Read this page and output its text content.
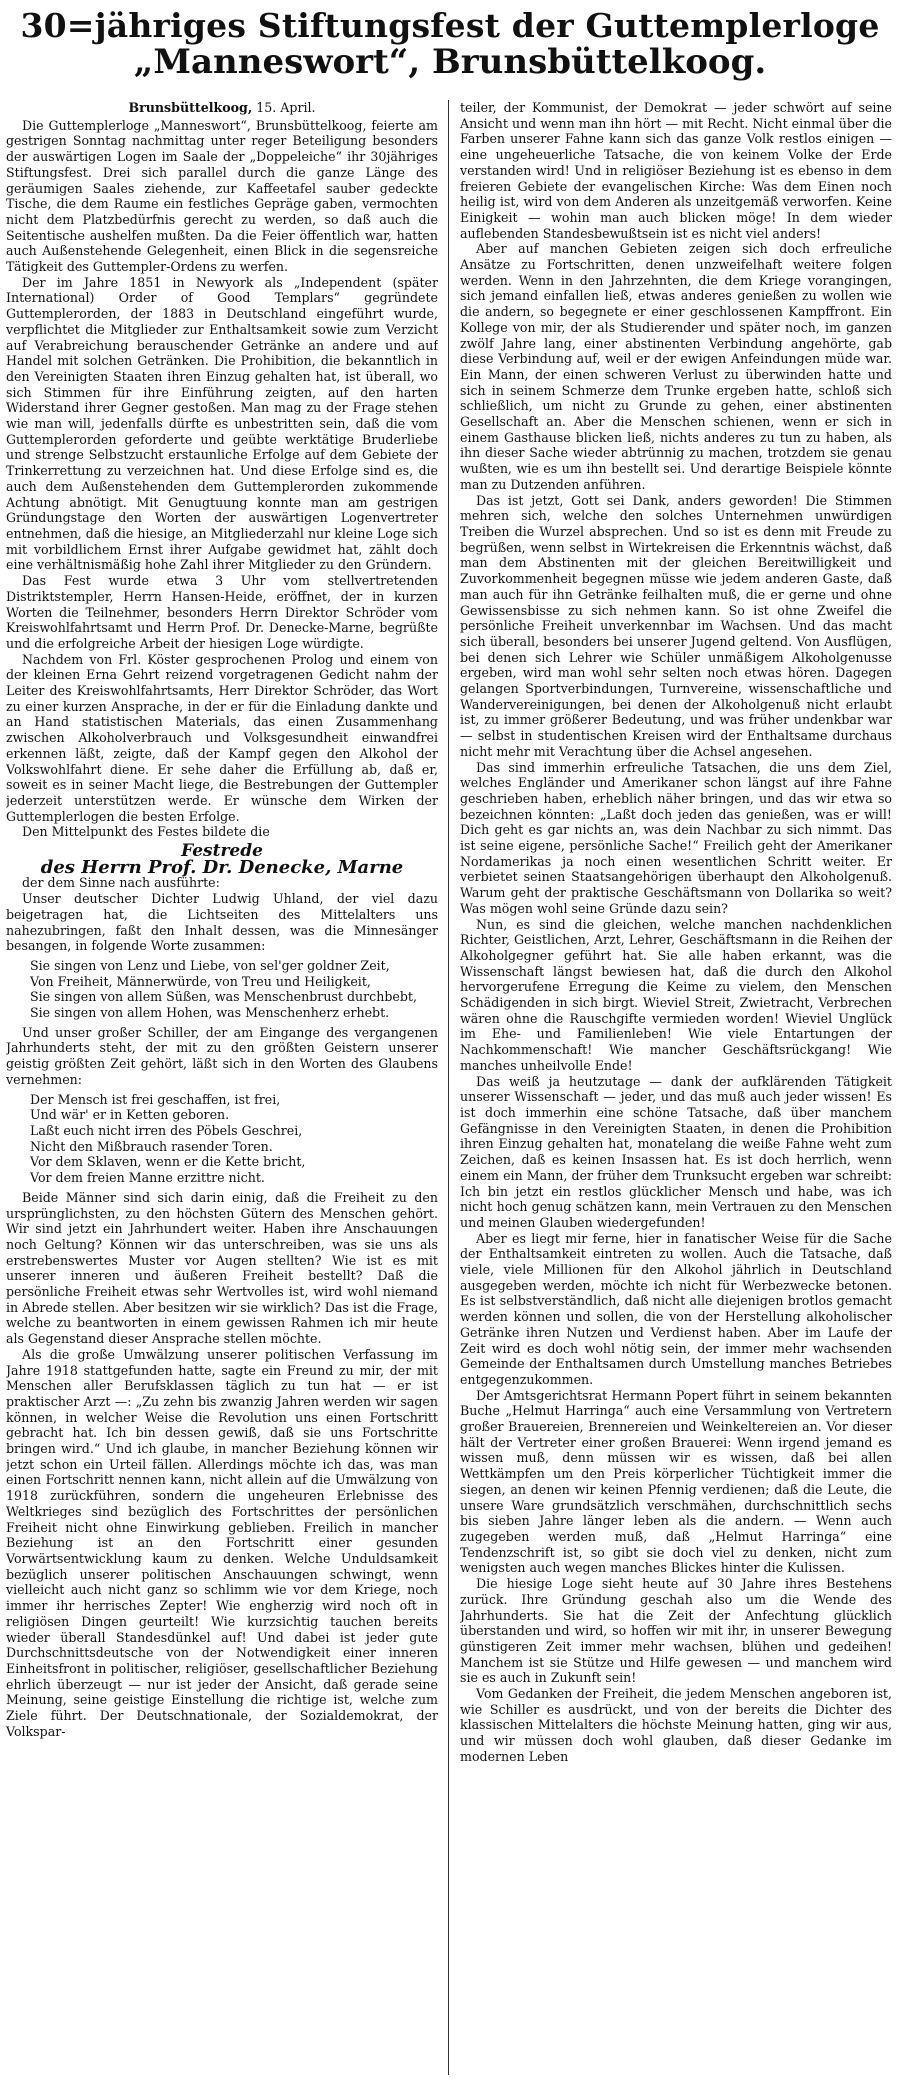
30=jähriges Stiftungsfest der Guttemplerloge
„Manneswort“, Brunsbüttelkoog.
Brunsbüttelkoog, 15. April.

Die Guttemplerloge „Manneswort“, Brunsbüttelkoog, feierte am gestrigen Sonntag nachmittag unter reger Beteiligung besonders der auswärtigen Logen im Saale der „Doppeleiche“ ihr 30jähriges Stiftungsfest. Drei sich parallel durch die ganze Länge des geräumigen Saales ziehende, zur Kaffeetafel sauber gedeckte Tische, die dem Raume ein festliches Gepräge gaben, vermochten nicht dem Platzbedürfnis gerecht zu werden, so daß auch die Seitentische aushelfen mußten. Da die Feier öffentlich war, hatten auch Außenstehende Gelegenheit, einen Blick in die segensreiche Tätigkeit des Guttempler-Ordens zu werfen.

Der im Jahre 1851 in Newyork als „Independent (später International) Order of Good Templars“ gegründete Guttemplerorden, der 1883 in Deutschland eingeführt wurde, verpflichtet die Mitglieder zur Enthaltsamkeit sowie zum Verzicht auf Verabreichung berauschender Getränke an andere und auf Handel mit solchen Getränken. Die Prohibition, die bekanntlich in den Vereinigten Staaten ihren Einzug gehalten hat, ist überall, wo sich Stimmen für ihre Einführung zeigten, auf den harten Widerstand ihrer Gegner gestoßen. Man mag zu der Frage stehen wie man will, jedenfalls dürfte es unbestritten sein, daß die vom Guttemplerorden geforderte und geübte werktätige Bruderliebe und strenge Selbstzucht erstaunliche Erfolge auf dem Gebiete der Trinkerrettung zu verzeichnen hat. Und diese Erfolge sind es, die auch dem Außenstehenden dem Guttemplerorden zukommende Achtung abnötigt. Mit Genugtuung konnte man am gestrigen Gründungstage den Worten der auswärtigen Logenvertreter entnehmen, daß die hiesige, an Mitgliederzahl nur kleine Loge sich mit vorbildlichem Ernst ihrer Aufgabe gewidmet hat, zählt doch eine verhältnismäßig hohe Zahl ihrer Mitglieder zu den Gründern.

Das Fest wurde etwa 3 Uhr vom stellvertretenden Distriktstempler, Herrn Hansen-Heide, eröffnet, der in kurzen Worten die Teilnehmer, besonders Herrn Direktor Schröder vom Kreiswohlfahrtsamt und Herrn Prof. Dr. Denecke-Marne, begrüßte und die erfolgreiche Arbeit der hiesigen Loge würdigte.

Nachdem von Frl. Köster gesprochenen Prolog und einem von der kleinen Erna Gehrt reizend vorgetragenen Gedicht nahm der Leiter des Kreiswohlfahrtsamts, Herr Direktor Schröder, das Wort zu einer kurzen Ansprache, in der er für die Einladung dankte und an Hand statistischen Materials, das einen Zusammenhang zwischen Alkoholverbrauch und Volksgesundheit einwandfrei erkennen läßt, zeigte, daß der Kampf gegen den Alkohol der Volkswohlfahrt diene. Er sehe daher die Erfüllung ab, daß er, soweit es in seiner Macht liege, die Bestrebungen der Guttempler jederzeit unterstützen werde. Er wünsche dem Wirken der Guttemplerlogen die besten Erfolge.

Den Mittelpunkt des Festes bildete die

Festrede
des Herrn Prof. Dr. Denecke, Marne

der dem Sinne nach ausführte:

Unser deutscher Dichter Ludwig Uhland, der viel dazu beigetragen hat, die Lichtseiten des Mittelalters uns nahezubringen, faßt den Inhalt dessen, was die Minnesänger besangen, in folgende Worte zusammen:

Sie singen von Lenz und Liebe, von sel'ger goldner Zeit,
Von Freiheit, Männerwürde, von Treu und Heiligkeit,
Sie singen von allem Süßen, was Menschenbrust durchbebt,
Sie singen von allem Hohen, was Menschenherz erhebt.

Und unser großer Schiller, der am Eingange des vergangenen Jahrhunderts steht, der mit zu den größten Geistern unserer geistig größten Zeit gehört, läßt sich in den Worten des Glaubens vernehmen:

Der Mensch ist frei geschaffen, ist frei,
Und wär' er in Ketten geboren.
Laßt euch nicht irren des Pöbels Geschrei,
Nicht den Mißbrauch rasender Toren.
Vor dem Sklaven, wenn er die Kette bricht,
Vor dem freien Manne erzittre nicht.

Beide Männer sind sich darin einig, daß die Freiheit zu den ursprünglichsten, zu den höchsten Gütern des Menschen gehört. Wir sind jetzt ein Jahrhundert weiter. Haben ihre Anschauungen noch Geltung? Können wir das unterschreiben, was sie uns als erstrebenswertes Muster vor Augen stellten? Wie ist es mit unserer inneren und äußeren Freiheit bestellt? Daß die persönliche Freiheit etwas sehr Wertvolles ist, wird wohl niemand in Abrede stellen. Aber besitzen wir sie wirklich? Das ist die Frage, welche zu beantworten in einem gewissen Rahmen ich mir heute als Gegenstand dieser Ansprache stellen möchte.

Als die große Umwälzung unserer politischen Verfassung im Jahre 1918 stattgefunden hatte, sagte ein Freund zu mir, der mit Menschen aller Berufsklassen täglich zu tun hat — er ist praktischer Arzt —: „Zu zehn bis zwanzig Jahren werden wir sagen können, in welcher Weise die Revolution uns einen Fortschritt gebracht hat. Ich bin dessen gewiß, daß sie uns Fortschritte bringen wird.“ Und ich glaube, in mancher Beziehung können wir jetzt schon ein Urteil fällen. Allerdings möchte ich das, was man einen Fortschritt nennen kann, nicht allein auf die Umwälzung von 1918 zurückführen, sondern die ungeheuren Erlebnisse des Weltkrieges sind bezüglich des Fortschrittes der persönlichen Freiheit nicht ohne Einwirkung geblieben. Freilich in mancher Beziehung ist an den Fortschritt einer gesunden Vorwärtsentwicklung kaum zu denken. Welche Unduldsamkeit bezüglich unserer politischen Anschauungen schwingt, wenn vielleicht auch nicht ganz so schlimm wie vor dem Kriege, noch immer ihr herrisches Zepter! Wie engherzig wird noch oft in religiösen Dingen geurteilt! Wie kurzsichtig tauchen bereits wieder überall Standesdünkel auf! Und dabei ist jeder gute Durchschnittsdeutsche von der Notwendigkeit einer inneren Einheitsfront in politischer, religiöser, gesellschaftlicher Beziehung ehrlich überzeugt — nur ist jeder der Ansicht, daß gerade seine Meinung, seine geistige Einstellung die richtige ist, welche zum Ziele führt. Der Deutschnationale, der Sozialdemokrat, der Volkspar-

teiler, der Kommunist, der Demokrat — jeder schwört auf seine Ansicht und wenn man ihn hört — mit Recht. Nicht einmal über die Farben unserer Fahne kann sich das ganze Volk restlos einigen — eine ungeheuerliche Tatsache, die von keinem Volke der Erde verstanden wird! Und in religiöser Beziehung ist es ebenso in dem freieren Gebiete der evangelischen Kirche: Was dem Einen noch heilig ist, wird von dem Anderen als unzeitgemäß verworfen. Keine Einigkeit — wohin man auch blicken möge! In dem wieder auflebenden Standesbewußtsein ist es nicht viel anders!

Aber auf manchen Gebieten zeigen sich doch erfreuliche Ansätze zu Fortschritten, denen unzweifelhaft weitere folgen werden. Wenn in den Jahrzehnten, die dem Kriege vorangingen, sich jemand einfallen ließ, etwas anderes genießen zu wollen wie die andern, so begegnete er einer geschlossenen Kampffront. Ein Kollege von mir, der als Studierender und später noch, im ganzen zwölf Jahre lang, einer abstinenten Verbindung angehörte, gab diese Verbindung auf, weil er der ewigen Anfeindungen müde war. Ein Mann, der einen schweren Verlust zu überwinden hatte und sich in seinem Schmerze dem Trunke ergeben hatte, schloß sich schließlich, um nicht zu Grunde zu gehen, einer abstinenten Gesellschaft an. Aber die Menschen schienen, wenn er sich in einem Gasthause blicken ließ, nichts anderes zu tun zu haben, als ihn dieser Sache wieder abtrünnig zu machen, trotzdem sie genau wußten, wie es um ihn bestellt sei. Und derartige Beispiele könnte man zu Dutzenden anführen.

Das ist jetzt, Gott sei Dank, anders geworden! Die Stimmen mehren sich, welche den solches Unternehmen unwürdigen Treiben die Wurzel absprechen. Und so ist es denn mit Freude zu begrüßen, wenn selbst in Wirtekreisen die Erkenntnis wächst, daß man dem Abstinenten mit der gleichen Bereitwilligkeit und Zuvorkommenheit begegnen müsse wie jedem anderen Gaste, daß man auch für ihn Getränke feilhalten muß, die er gerne und ohne Gewissensbisse zu sich nehmen kann. So ist ohne Zweifel die persönliche Freiheit unverkennbar im Wachsen. Und das macht sich überall, besonders bei unserer Jugend geltend. Von Ausflügen, bei denen sich Lehrer wie Schüler unmäßigem Alkoholgenusse ergeben, wird man wohl sehr selten noch etwas hören. Dagegen gelangen Sportverbindungen, Turnvereine, wissenschaftliche und Wandervereinigungen, bei denen der Alkoholgenuß nicht erlaubt ist, zu immer größerer Bedeutung, und was früher undenkbar war — selbst in studentischen Kreisen wird der Enthaltsame durchaus nicht mehr mit Verachtung über die Achsel angesehen.

Das sind immerhin erfreuliche Tatsachen, die uns dem Ziel, welches Engländer und Amerikaner schon längst auf ihre Fahne geschrieben haben, erheblich näher bringen, und das wir etwa so bezeichnen könnten: „Laßt doch jeden das genießen, was er will! Dich geht es gar nichts an, was dein Nachbar zu sich nimmt. Das ist seine eigene, persönliche Sache!“ Freilich geht der Amerikaner Nordamerikas ja noch einen wesentlichen Schritt weiter. Er verbietet seinen Staatsangehörigen überhaupt den Alkoholgenuß. Warum geht der praktische Geschäftsmann von Dollarika so weit? Was mögen wohl seine Gründe dazu sein?

Nun, es sind die gleichen, welche manchen nachdenklichen Richter, Geistlichen, Arzt, Lehrer, Geschäftsmann in die Reihen der Alkoholgegner geführt hat. Sie alle haben erkannt, was die Wissenschaft längst bewiesen hat, daß die durch den Alkohol hervorgerufene Erregung die Keime zu vielem, den Menschen Schädigenden in sich birgt. Wieviel Streit, Zwietracht, Verbrechen wären ohne die Rauschgifte vermieden worden! Wieviel Unglück im Ehe- und Familienleben! Wie viele Entartungen der Nachkommenschaft! Wie mancher Geschäftsrückgang! Wie manches unheilvolle Ende!

Das weiß ja heutzutage — dank der aufklärenden Tätigkeit unserer Wissenschaft — jeder, und das muß auch jeder wissen! Es ist doch immerhin eine schöne Tatsache, daß über manchem Gefängnisse in den Vereinigten Staaten, in denen die Prohibition ihren Einzug gehalten hat, monatelang die weiße Fahne weht zum Zeichen, daß es keinen Insassen hat. Es ist doch herrlich, wenn einem ein Mann, der früher dem Trunksucht ergeben war schreibt: Ich bin jetzt ein restlos glücklicher Mensch und habe, was ich nicht hoch genug schätzen kann, mein Vertrauen zu den Menschen und meinen Glauben wiedergefunden!

Aber es liegt mir ferne, hier in fanatischer Weise für die Sache der Enthaltsamkeit eintreten zu wollen. Auch die Tatsache, daß viele, viele Millionen für den Alkohol jährlich in Deutschland ausgegeben werden, möchte ich nicht für Werbezwecke betonen. Es ist selbstverständlich, daß nicht alle diejenigen brotlos gemacht werden können und sollen, die von der Herstellung alkoholischer Getränke ihren Nutzen und Verdienst haben. Aber im Laufe der Zeit wird es doch wohl nötig sein, der immer mehr wachsenden Gemeinde der Enthaltsamen durch Umstellung manches Betriebes entgegenzukommen.

Der Amtsgerichtsrat Hermann Popert führt in seinem bekannten Buche „Helmut Harringa“ auch eine Versammlung von Vertretern großer Brauereien, Brennereien und Weinkeltereien an. Vor dieser hält der Vertreter einer großen Brauerei: Wenn irgend jemand es wissen muß, denn müssen wir es wissen, daß bei allen Wettkämpfen um den Preis körperlicher Tüchtigkeit immer die siegen, an denen wir keinen Pfennig verdienen; daß die Leute, die unsere Ware grundsätzlich verschmähen, durchschnittlich sechs bis sieben Jahre länger leben als die andern. — Wenn auch zugegeben werden muß, daß „Helmut Harringa“ eine Tendenzschrift ist, so gibt sie doch viel zu denken, nicht zum wenigsten auch wegen manches Blickes hinter die Kulissen.

Die hiesige Loge sieht heute auf 30 Jahre ihres Bestehens zurück. Ihre Gründung geschah also um die Wende des Jahrhunderts. Sie hat die Zeit der Anfechtung glücklich überstanden und wird, so hoffen wir mit ihr, in unserer Bewegung günstigeren Zeit immer mehr wachsen, blühen und gedeihen! Manchem ist sie Stütze und Hilfe gewesen — und manchem wird sie es auch in Zukunft sein!

Vom Gedanken der Freiheit, die jedem Menschen angeboren ist, wie Schiller es ausdrückt, und von der bereits die Dichter des klassischen Mittelalters die höchste Meinung hatten, ging wir aus, und wir müssen doch wohl glauben, daß dieser Gedanke im modernen Leben
